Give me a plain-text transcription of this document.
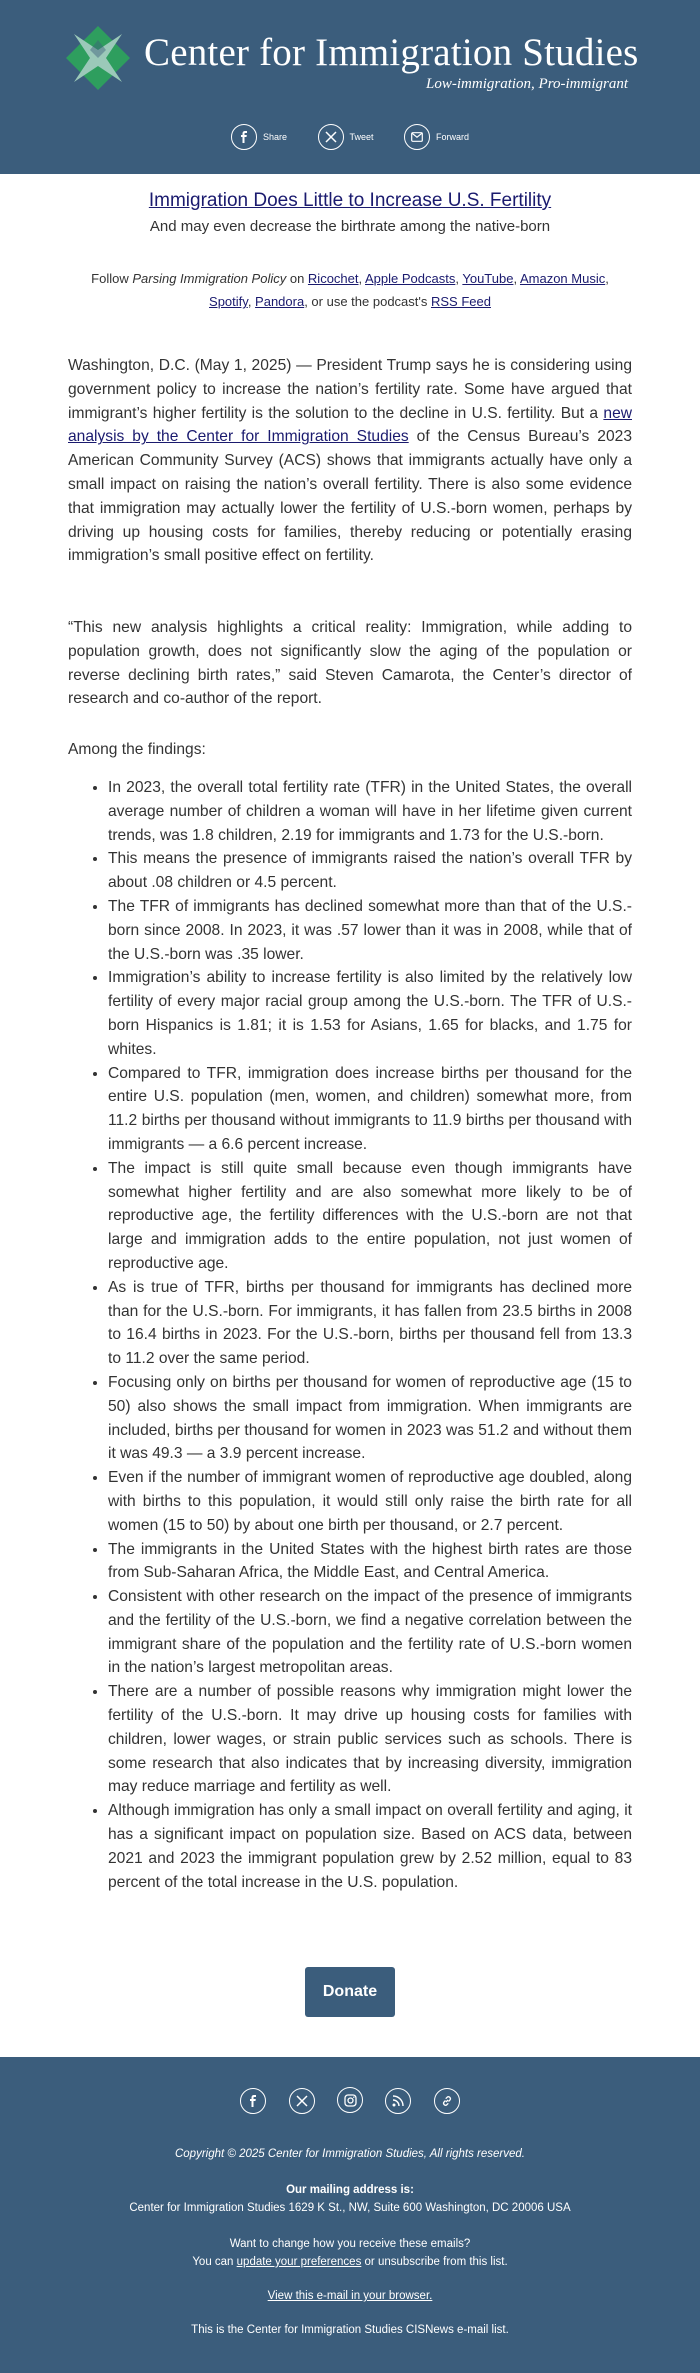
Center for Immigration Studies
Low-immigration, Pro-immigrant
Share
	Tweet
	Forward
Immigration Does Little to Increase U.S. Fertility
And may even decrease the birthrate among the native-born
Follow Parsing Immigration Policy on Ricochet, Apple Podcasts, YouTube, Amazon Music, Spotify, Pandora, or use the podcast's RSS Feed
Washington, D.C. (May 1, 2025) — President Trump says he is considering using government policy to increase the nation’s fertility rate. Some have argued that immigrant’s higher fertility is the solution to the decline in U.S. fertility. But a new analysis by the Center for Immigration Studies of the Census Bureau’s 2023 American Community Survey (ACS) shows that immigrants actually have only a small impact on raising the nation’s overall fertility. There is also some evidence that immigration may actually lower the fertility of U.S.-born women, perhaps by driving up housing costs for families, thereby reducing or potentially erasing immigration’s small positive effect on fertility.
“This new analysis highlights a critical reality: Immigration, while adding to population growth, does not significantly slow the aging of the population or reverse declining birth rates,” said Steven Camarota, the Center’s director of research and co-author of the report.
Among the findings:
• In 2023, the overall total fertility rate (TFR) in the United States, the overall average number of children a woman will have in her lifetime given current trends, was 1.8 children, 2.19 for immigrants and 1.73 for the U.S.-born.
• This means the presence of immigrants raised the nation’s overall TFR by about .08 children or 4.5 percent.
• The TFR of immigrants has declined somewhat more than that of the U.S.-born since 2008. In 2023, it was .57 lower than it was in 2008, while that of the U.S.-born was .35 lower.
• Immigration’s ability to increase fertility is also limited by the relatively low fertility of every major racial group among the U.S.-born. The TFR of U.S.-born Hispanics is 1.81; it is 1.53 for Asians, 1.65 for blacks, and 1.75 for whites.
• Compared to TFR, immigration does increase births per thousand for the entire U.S. population (men, women, and children) somewhat more, from 11.2 births per thousand without immigrants to 11.9 births per thousand with immigrants — a 6.6 percent increase.
• The impact is still quite small because even though immigrants have somewhat higher fertility and are also somewhat more likely to be of reproductive age, the fertility differences with the U.S.-born are not that large and immigration adds to the entire population, not just women of reproductive age.
• As is true of TFR, births per thousand for immigrants has declined more than for the U.S.-born. For immigrants, it has fallen from 23.5 births in 2008 to 16.4 births in 2023. For the U.S.-born, births per thousand fell from 13.3 to 11.2 over the same period.
• Focusing only on births per thousand for women of reproductive age (15 to 50) also shows the small impact from immigration. When immigrants are included, births per thousand for women in 2023 was 51.2 and without them it was 49.3 — a 3.9 percent increase.
• Even if the number of immigrant women of reproductive age doubled, along with births to this population, it would still only raise the birth rate for all women (15 to 50) by about one birth per thousand, or 2.7 percent.
• The immigrants in the United States with the highest birth rates are those from Sub-Saharan Africa, the Middle East, and Central America.
• Consistent with other research on the impact of the presence of immigrants and the fertility of the U.S.-born, we find a negative correlation between the immigrant share of the population and the fertility rate of U.S.-born women in the nation’s largest metropolitan areas.
• There are a number of possible reasons why immigration might lower the fertility of the U.S.-born. It may drive up housing costs for families with children, lower wages, or strain public services such as schools. There is some research that also indicates that by increasing diversity, immigration may reduce marriage and fertility as well.
• Although immigration has only a small impact on overall fertility and aging, it has a significant impact on population size. Based on ACS data, between 2021 and 2023 the immigrant population grew by 2.52 million, equal to 83 percent of the total increase in the U.S. population.
Donate

Copyright © 2025 Center for Immigration Studies, All rights reserved.
Our mailing address is:
Center for Immigration Studies 1629 K St., NW, Suite 600 Washington, DC 20006 USA
Want to change how you receive these emails?
You can update your preferences or unsubscribe from this list.
View this e-mail in your browser.
This is the Center for Immigration Studies CISNews e-mail list.
